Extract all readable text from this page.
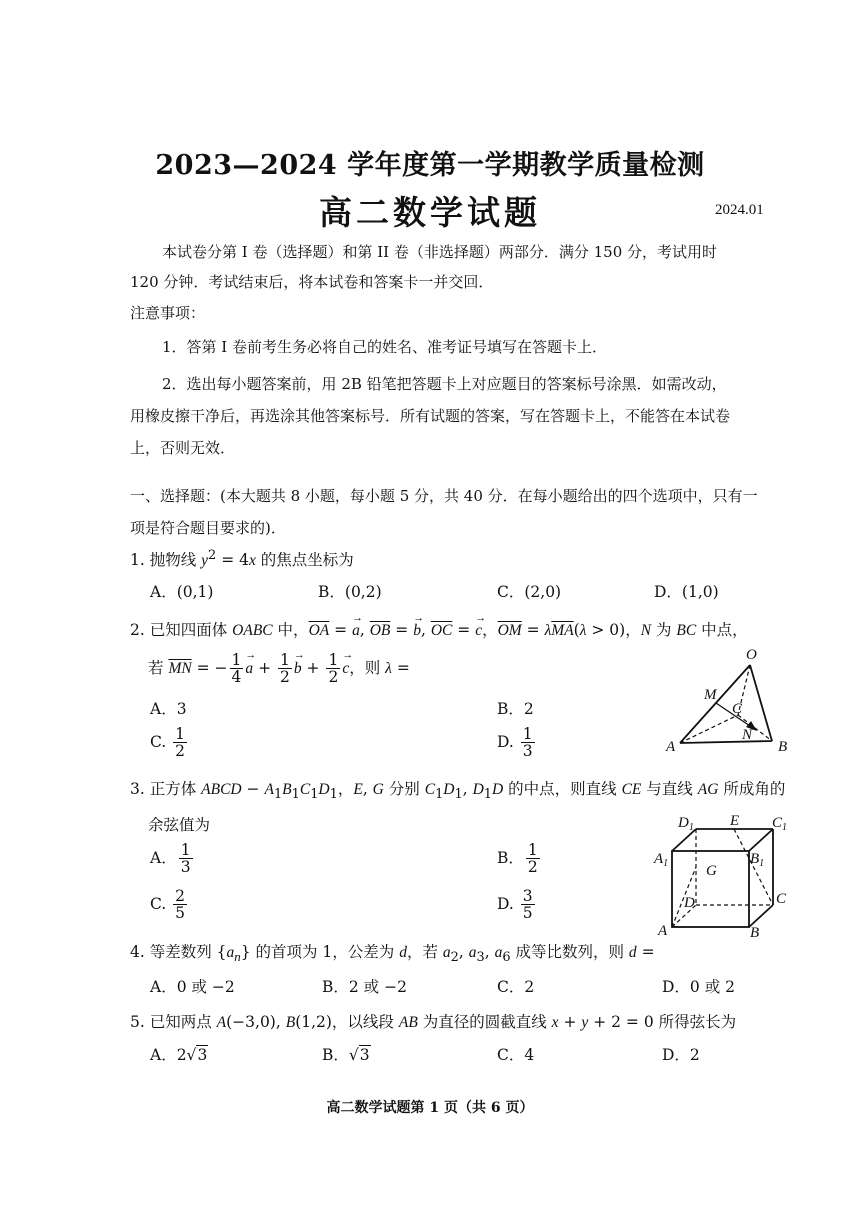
2023—2024 学年度第一学期教学质量检测
高二数学试题	2024.01
本试卷分第 I 卷（选择题）和第 II 卷（非选择题）两部分．满分 150 分，考试用时
120 分钟．考试结束后，将本试卷和答案卡一并交回．
注意事项：
1．答第 I 卷前考生务必将自己的姓名、准考证号填写在答题卡上．
2．选出每小题答案前，用 2B 铅笔把答题卡上对应题目的答案标号涂黑．如需改动，
用橡皮擦干净后，再选涂其他答案标号．所有试题的答案，写在答题卡上，不能答在本试卷
上，否则无效．
一、选择题：(本大题共 8 小题，每小题 5 分，共 40 分．在每小题给出的四个选项中，只有一
项是符合题目要求的)．
1. 抛物线 $y^2 = 4x$ 的焦点坐标为
A．(0,1)	B．(0,2)	C．(2,0)	D．(1,0)
2. 已知四面体 OABC 中，$\overline{OA}$ = → a, $\overline{OB}$ = → b, $\overline{OC}$ = → c，$\overline{OM} = \lambda\overline{MA}(\lambda > 0)$，N 为 BC 中点，
若 $\overline{MN}$ = − $\frac{1}{4} \to a + \frac{1}{2} \to b + \frac{1}{2} \to c$，则 λ =
A．3	B．2
C. $\frac{1}{2}$	D. $\frac{1}{3}$
O
M
C
N
A	B
3. 正方体 ABCD − $A_1B_1C_1D_1$，E, G 分别 $C_1D_1$, $D_1D$ 的中点，则直线 CE 与直线 AG 所成角的
余弦值为
A． $\frac{1}{3}$	B． $\frac{1}{2}$
C. $\frac{2}{5}$	D. $\frac{3}{5}$
$D_1$ E $C_1$
$A_1$	$B_1$
G
D	C
A	B
4. 等差数列 $\{a_n\}$ 的首项为 1，公差为 d，若 $a_2$, $a_3$, $a_6$ 成等比数列，则 d =
A．0 或 −2	B．2 或 −2	C．2	D．0 或 2
5. 已知两点 A(−3,0), B(1,2)，以线段 AB 为直径的圆截直线 x + y + 2 = 0 所得弦长为
A．2√3	B．√3	C．4	D．2
高二数学试题第 1 页（共 6 页）
